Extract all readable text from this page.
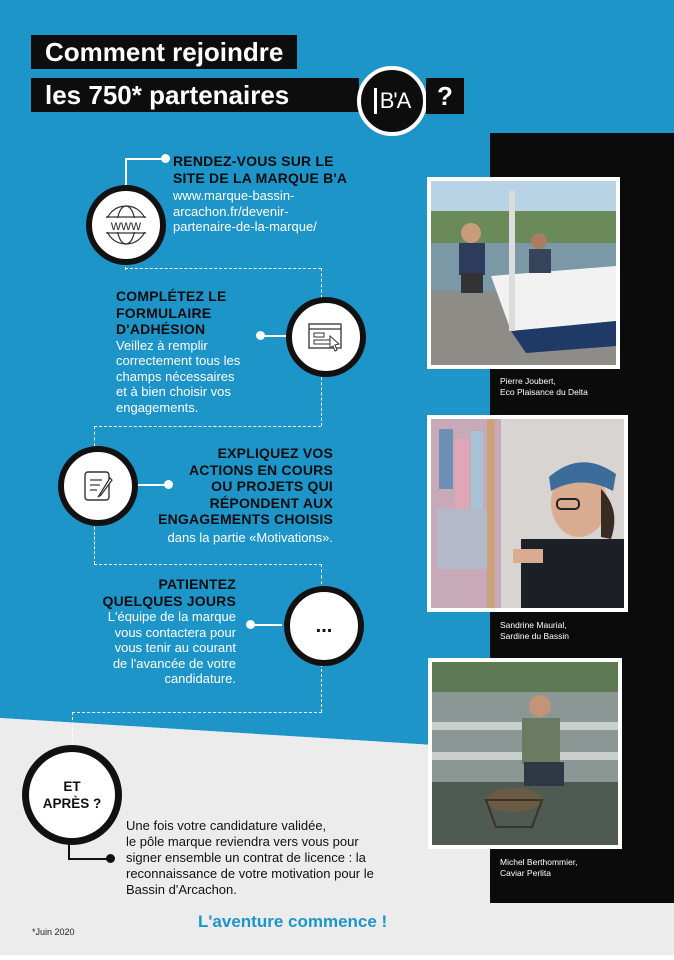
Comment rejoindre
les 750* partenaires	B'A	?
www
...
RENDEZ-VOUS SUR LE
SITE DE LA MARQUE B'A
www.marque-bassin-
arcachon.fr/devenir-
partenaire-de-la-marque/
COMPLÉTEZ LE
FORMULAIRE
D'ADHÉSION
Veillez à remplir
correctement tous les
champs nécessaires
et à bien choisir vos
engagements.
EXPLIQUEZ VOS
ACTIONS EN COURS
OU PROJETS QUI
RÉPONDENT AUX
ENGAGEMENTS CHOISIS
dans la partie «Motivations».
PATIENTEZ
QUELQUES JOURS
L'équipe de la marque
vous contactera pour
vous tenir au courant
de l'avancée de votre
candidature.
ET
APRÈS ?
Une fois votre candidature validée,
le pôle marque reviendra vers vous pour
signer ensemble un contrat de licence : la
reconnaissance de votre motivation pour le
Bassin d'Arcachon.
Pierre Joubert,
Eco Plaisance du Delta
Sandrine Maurial,
Sardine du Bassin
Michel Berthommier,
Caviar Perlita
*Juin 2020
L'aventure commence !
